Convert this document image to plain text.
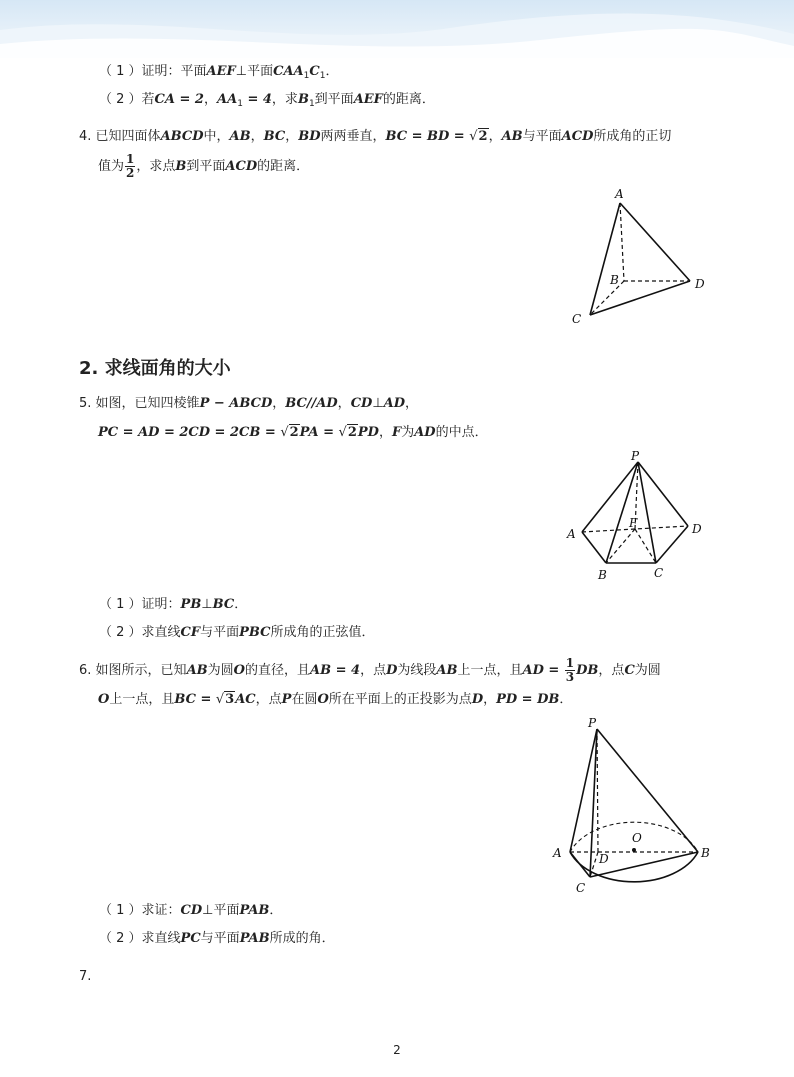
（ 1 ）证明：平面AEF⊥平面$CAA_1C_1$．
（ 2 ）若CA = 2，$AA_1 = 4$，求$B_1$到平面AEF的距离．
4. 已知四面体ABCD中，AB，BC，BD两两垂直，BC = BD = √2，AB与平面ACD所成角的正切
值为 $\frac{1}{2}$ ，求点B到平面ACD的距离．
A
B
C
D
2. 求线面角的大小
5. 如图，已知四棱锥P − ABCD，BC//AD，CD⊥AD，
PC = AD = 2CD = 2CB = √2PA = √2PD，F为AD的中点．
P
A
B	C
D
F
（ 1 ）证明：PB⊥BC．
（ 2 ）求直线CF与平面PBC所成角的正弦值．
6. 如图所示，已知AB为圆O的直径，且AB = 4，点D为线段AB上一点，且AD = $\frac{1}{3}$ DB，点C为圆
O上一点，且BC = √3AC，点P在圆O所在平面上的正投影为点D，PD = DB．
P
A	B
C
D
O
（ 1 ）求证：CD⊥平面PAB．
（ 2 ）求直线PC与平面PAB所成的角．
7.
2
